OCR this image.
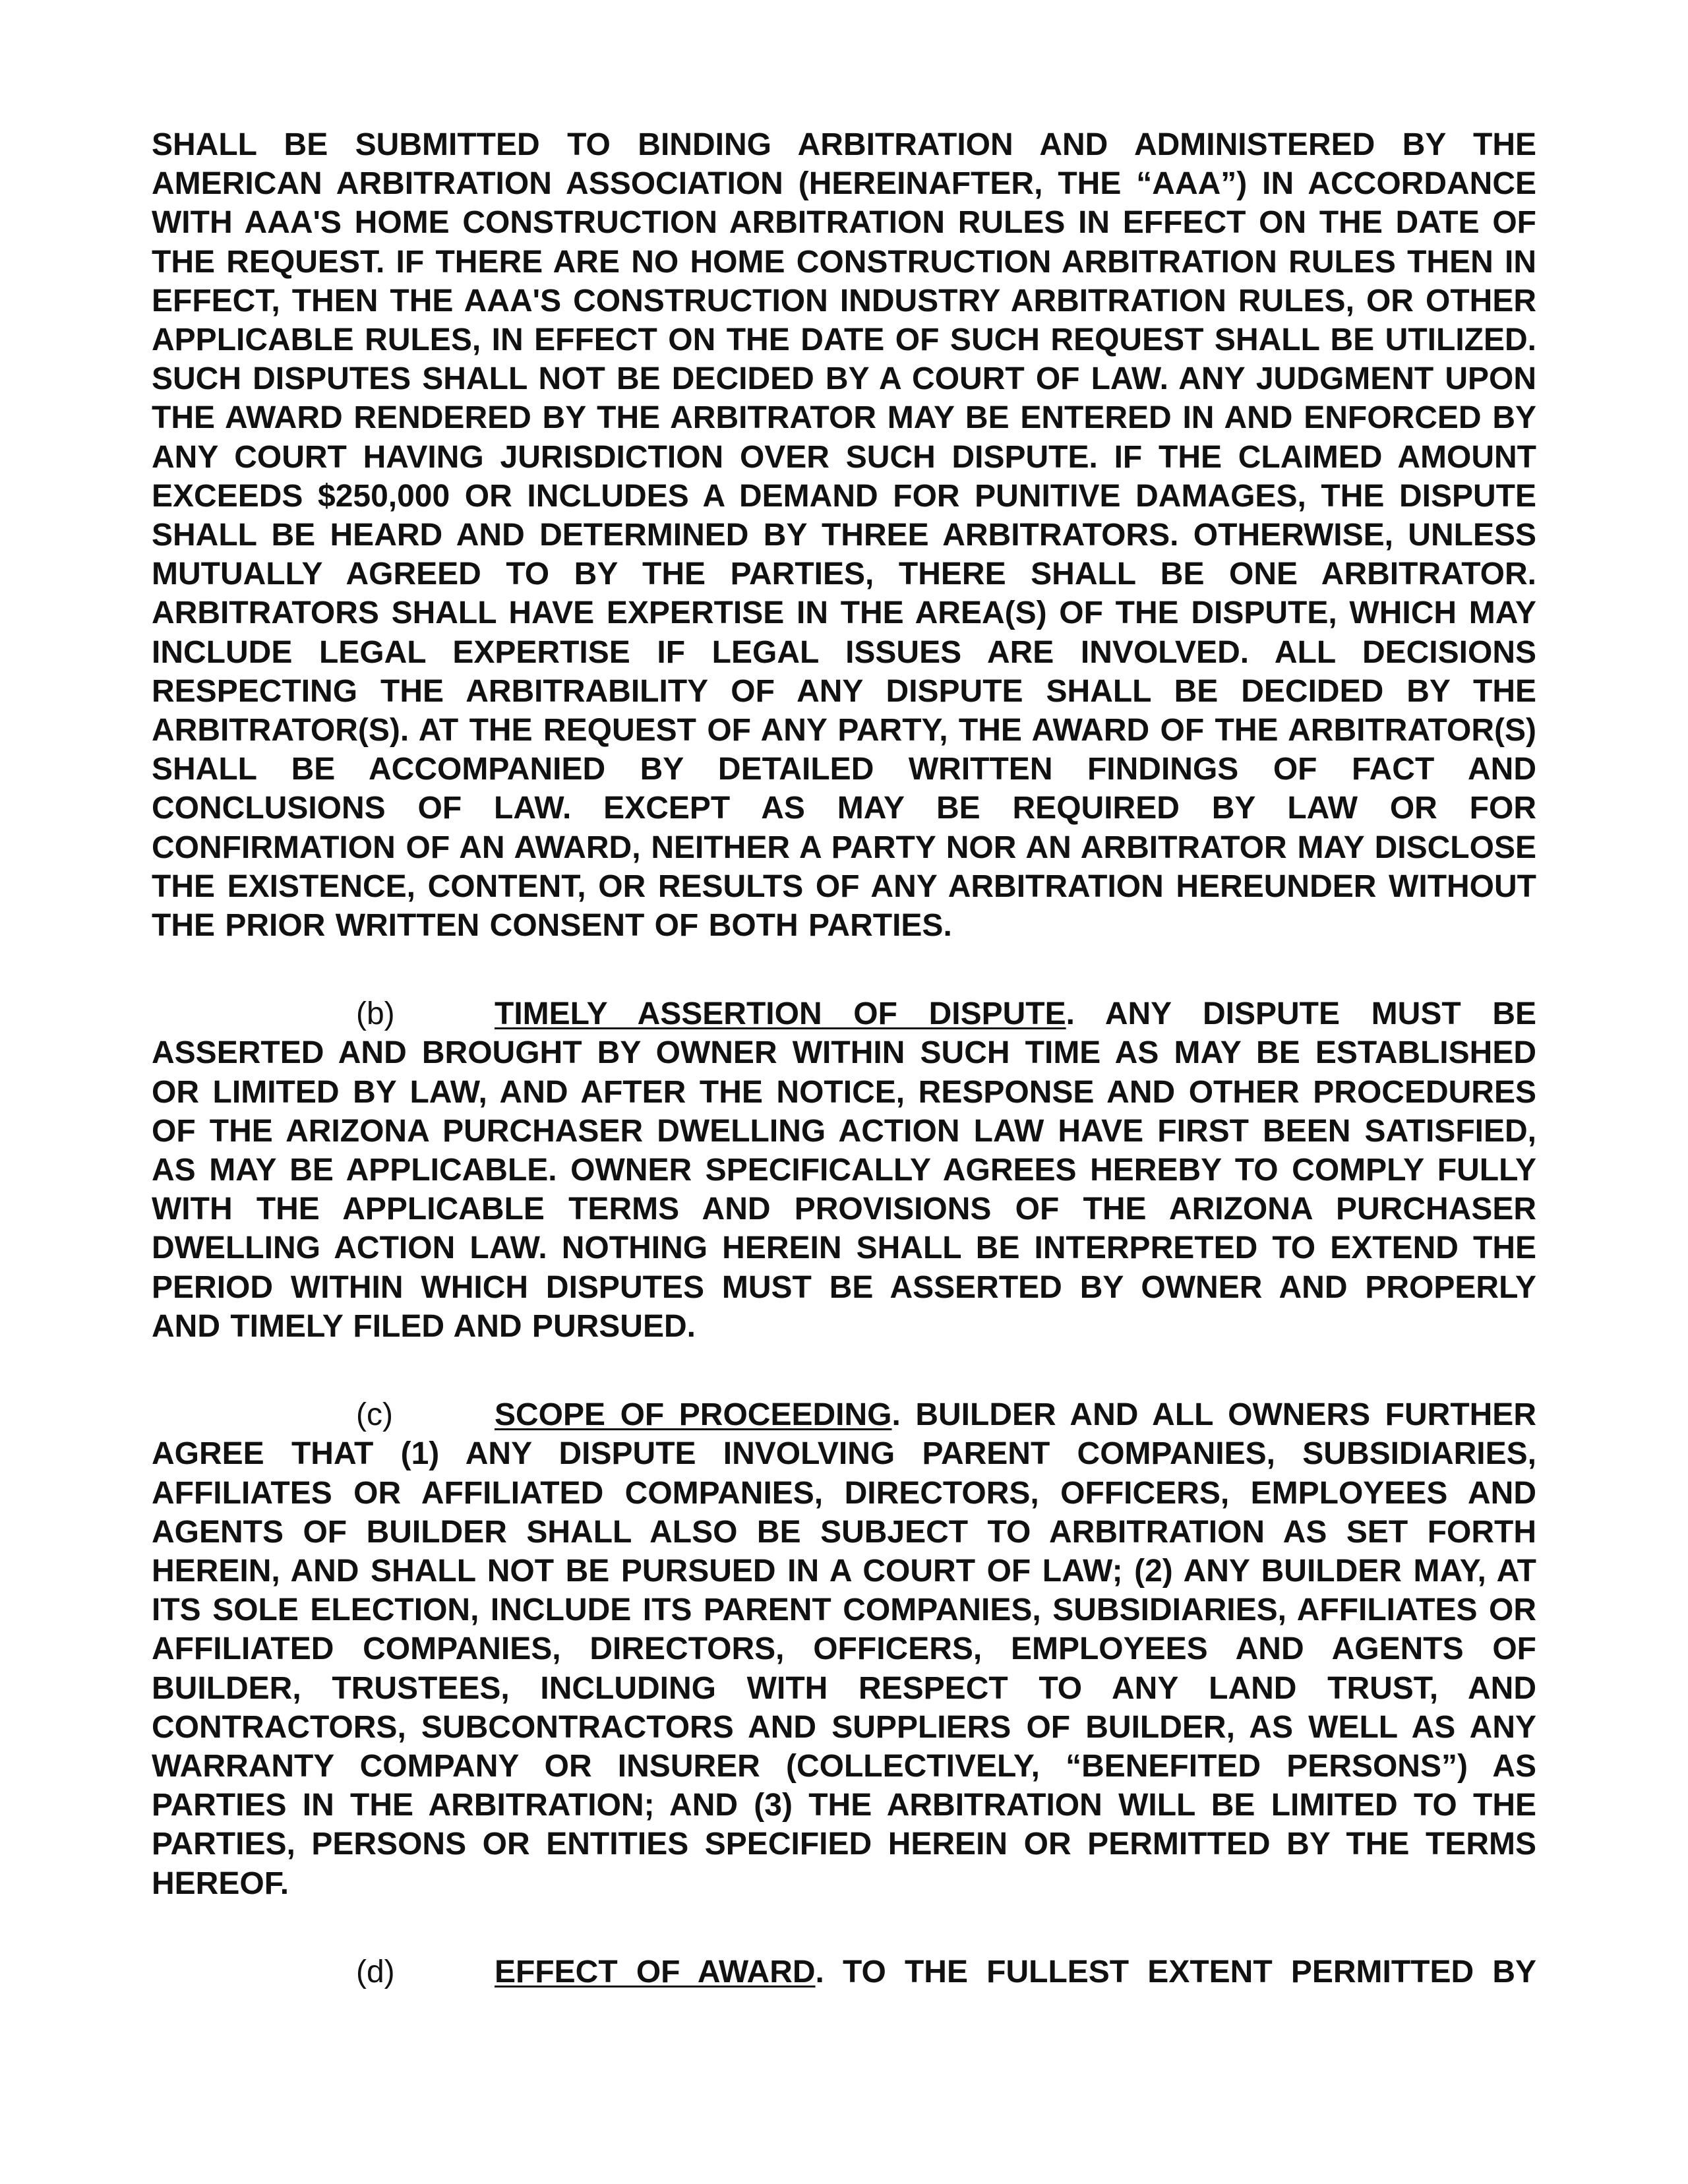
SHALL BE SUBMITTED TO BINDING ARBITRATION AND ADMINISTERED BY THE AMERICAN ARBITRATION ASSOCIATION (HEREINAFTER, THE “AAA”) IN ACCORDANCE WITH AAA'S HOME CONSTRUCTION ARBITRATION RULES IN EFFECT ON THE DATE OF THE REQUEST. IF THERE ARE NO HOME CONSTRUCTION ARBITRATION RULES THEN IN EFFECT, THEN THE AAA'S CONSTRUCTION INDUSTRY ARBITRATION RULES, OR OTHER APPLICABLE RULES, IN EFFECT ON THE DATE OF SUCH REQUEST SHALL BE UTILIZED. SUCH DISPUTES SHALL NOT BE DECIDED BY A COURT OF LAW. ANY JUDGMENT UPON THE AWARD RENDERED BY THE ARBITRATOR MAY BE ENTERED IN AND ENFORCED BY ANY COURT HAVING JURISDICTION OVER SUCH DISPUTE. IF THE CLAIMED AMOUNT EXCEEDS $250,000 OR INCLUDES A DEMAND FOR PUNITIVE DAMAGES, THE DISPUTE SHALL BE HEARD AND DETERMINED BY THREE ARBITRATORS. OTHERWISE, UNLESS MUTUALLY AGREED TO BY THE PARTIES, THERE SHALL BE ONE ARBITRATOR. ARBITRATORS SHALL HAVE EXPERTISE IN THE AREA(S) OF THE DISPUTE, WHICH MAY INCLUDE LEGAL EXPERTISE IF LEGAL ISSUES ARE INVOLVED. ALL DECISIONS RESPECTING THE ARBITRABILITY OF ANY DISPUTE SHALL BE DECIDED BY THE ARBITRATOR(S). AT THE REQUEST OF ANY PARTY, THE AWARD OF THE ARBITRATOR(S) SHALL BE ACCOMPANIED BY DETAILED WRITTEN FINDINGS OF FACT AND CONCLUSIONS OF LAW. EXCEPT AS MAY BE REQUIRED BY LAW OR FOR CONFIRMATION OF AN AWARD, NEITHER A PARTY NOR AN ARBITRATOR MAY DISCLOSE THE EXISTENCE, CONTENT, OR RESULTS OF ANY ARBITRATION HEREUNDER WITHOUT THE PRIOR WRITTEN CONSENT OF BOTH PARTIES.

(b)	TIMELY ASSERTION OF DISPUTE. ANY DISPUTE MUST BE ASSERTED AND BROUGHT BY OWNER WITHIN SUCH TIME AS MAY BE ESTABLISHED OR LIMITED BY LAW, AND AFTER THE NOTICE, RESPONSE AND OTHER PROCEDURES OF THE ARIZONA PURCHASER DWELLING ACTION LAW HAVE FIRST BEEN SATISFIED, AS MAY BE APPLICABLE. OWNER SPECIFICALLY AGREES HEREBY TO COMPLY FULLY WITH THE APPLICABLE TERMS AND PROVISIONS OF THE ARIZONA PURCHASER DWELLING ACTION LAW. NOTHING HEREIN SHALL BE INTERPRETED TO EXTEND THE PERIOD WITHIN WHICH DISPUTES MUST BE ASSERTED BY OWNER AND PROPERLY AND TIMELY FILED AND PURSUED.

(c)	SCOPE OF PROCEEDING. BUILDER AND ALL OWNERS FURTHER AGREE THAT (1) ANY DISPUTE INVOLVING PARENT COMPANIES, SUBSIDIARIES, AFFILIATES OR AFFILIATED COMPANIES, DIRECTORS, OFFICERS, EMPLOYEES AND AGENTS OF BUILDER SHALL ALSO BE SUBJECT TO ARBITRATION AS SET FORTH HEREIN, AND SHALL NOT BE PURSUED IN A COURT OF LAW; (2) ANY BUILDER MAY, AT ITS SOLE ELECTION, INCLUDE ITS PARENT COMPANIES, SUBSIDIARIES, AFFILIATES OR AFFILIATED COMPANIES, DIRECTORS, OFFICERS, EMPLOYEES AND AGENTS OF BUILDER, TRUSTEES, INCLUDING WITH RESPECT TO ANY LAND TRUST, AND CONTRACTORS, SUBCONTRACTORS AND SUPPLIERS OF BUILDER, AS WELL AS ANY WARRANTY COMPANY OR INSURER (COLLECTIVELY, “BENEFITED PERSONS”) AS PARTIES IN THE ARBITRATION; AND (3) THE ARBITRATION WILL BE LIMITED TO THE PARTIES, PERSONS OR ENTITIES SPECIFIED HEREIN OR PERMITTED BY THE TERMS HEREOF.

(d)	EFFECT OF AWARD. TO THE FULLEST EXTENT PERMITTED BY
